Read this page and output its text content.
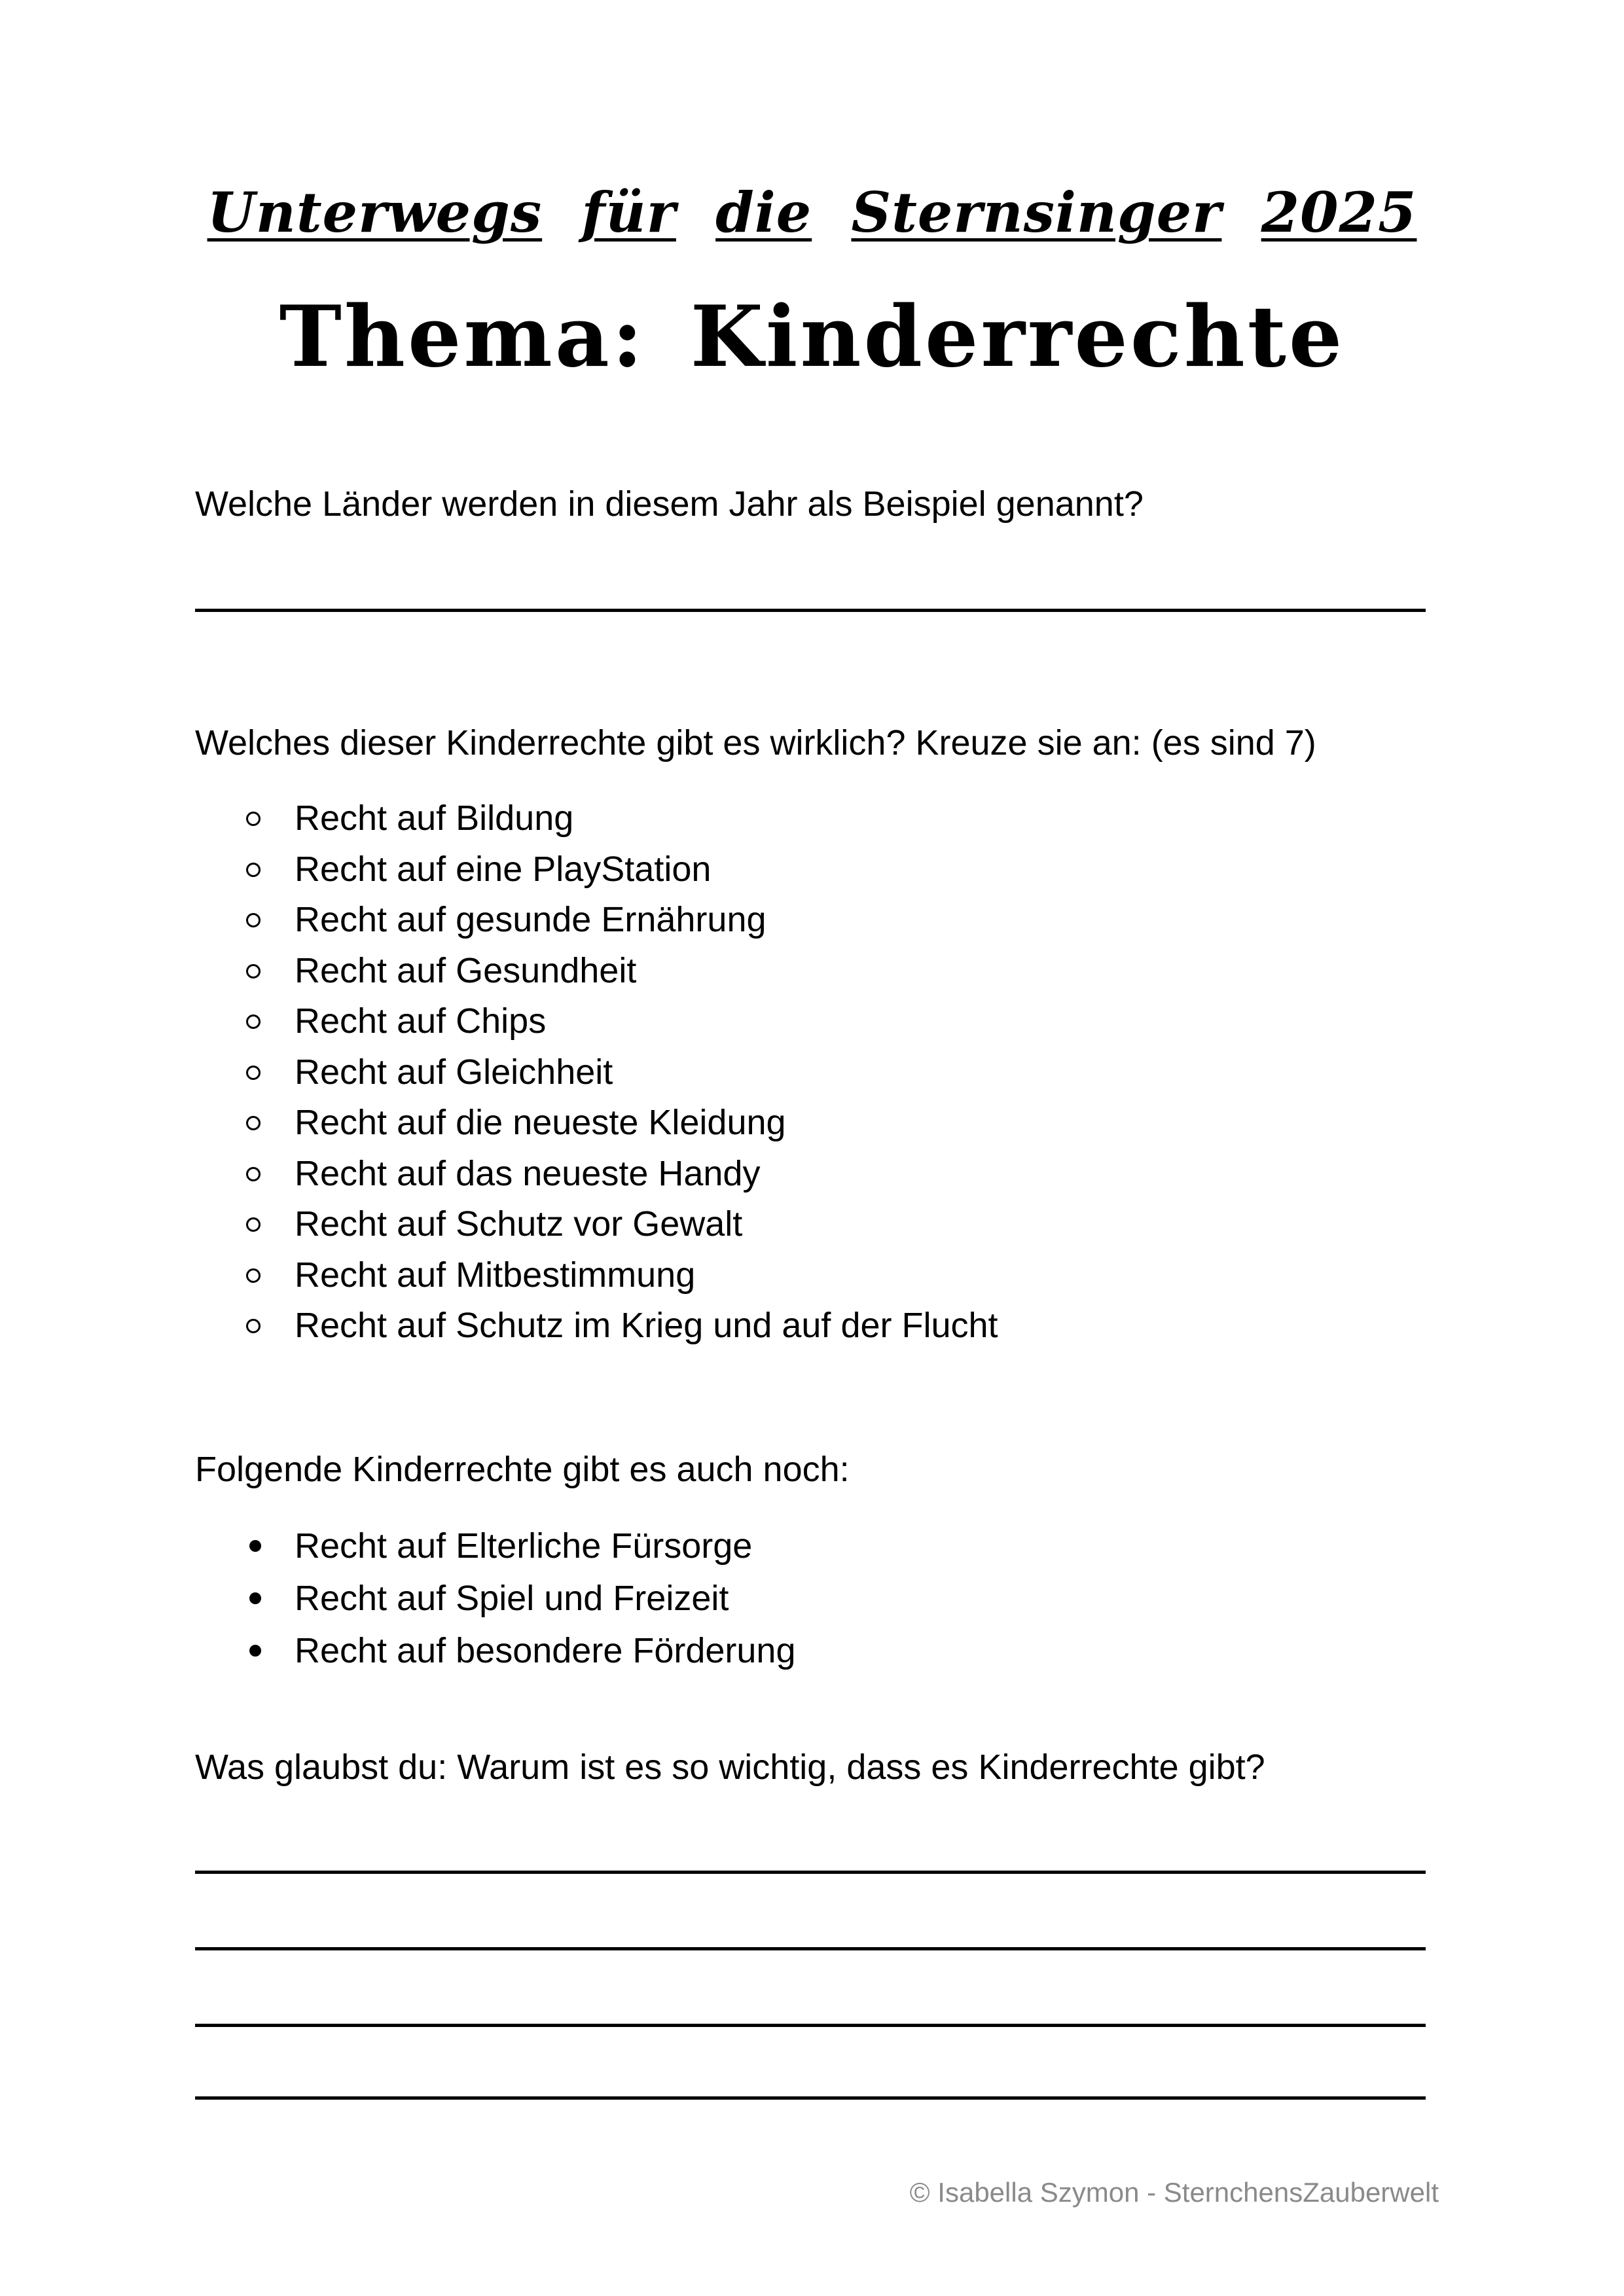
Unterwegs für die Sternsinger 2025
Thema: Kinderrechte
Welche Länder werden in diesem Jahr als Beispiel genannt?
Welches dieser Kinderrechte gibt es wirklich? Kreuze sie an: (es sind 7)
Recht auf Bildung
Recht auf eine PlayStation
Recht auf gesunde Ernährung
Recht auf Gesundheit
Recht auf Chips
Recht auf Gleichheit
Recht auf die neueste Kleidung
Recht auf das neueste Handy
Recht auf Schutz vor Gewalt
Recht auf Mitbestimmung
Recht auf Schutz im Krieg und auf der Flucht
Folgende Kinderrechte gibt es auch noch:
Recht auf Elterliche Fürsorge
Recht auf Spiel und Freizeit
Recht auf besondere Förderung
Was glaubst du: Warum ist es so wichtig, dass es Kinderrechte gibt?
© Isabella Szymon - SternchensZauberwelt
